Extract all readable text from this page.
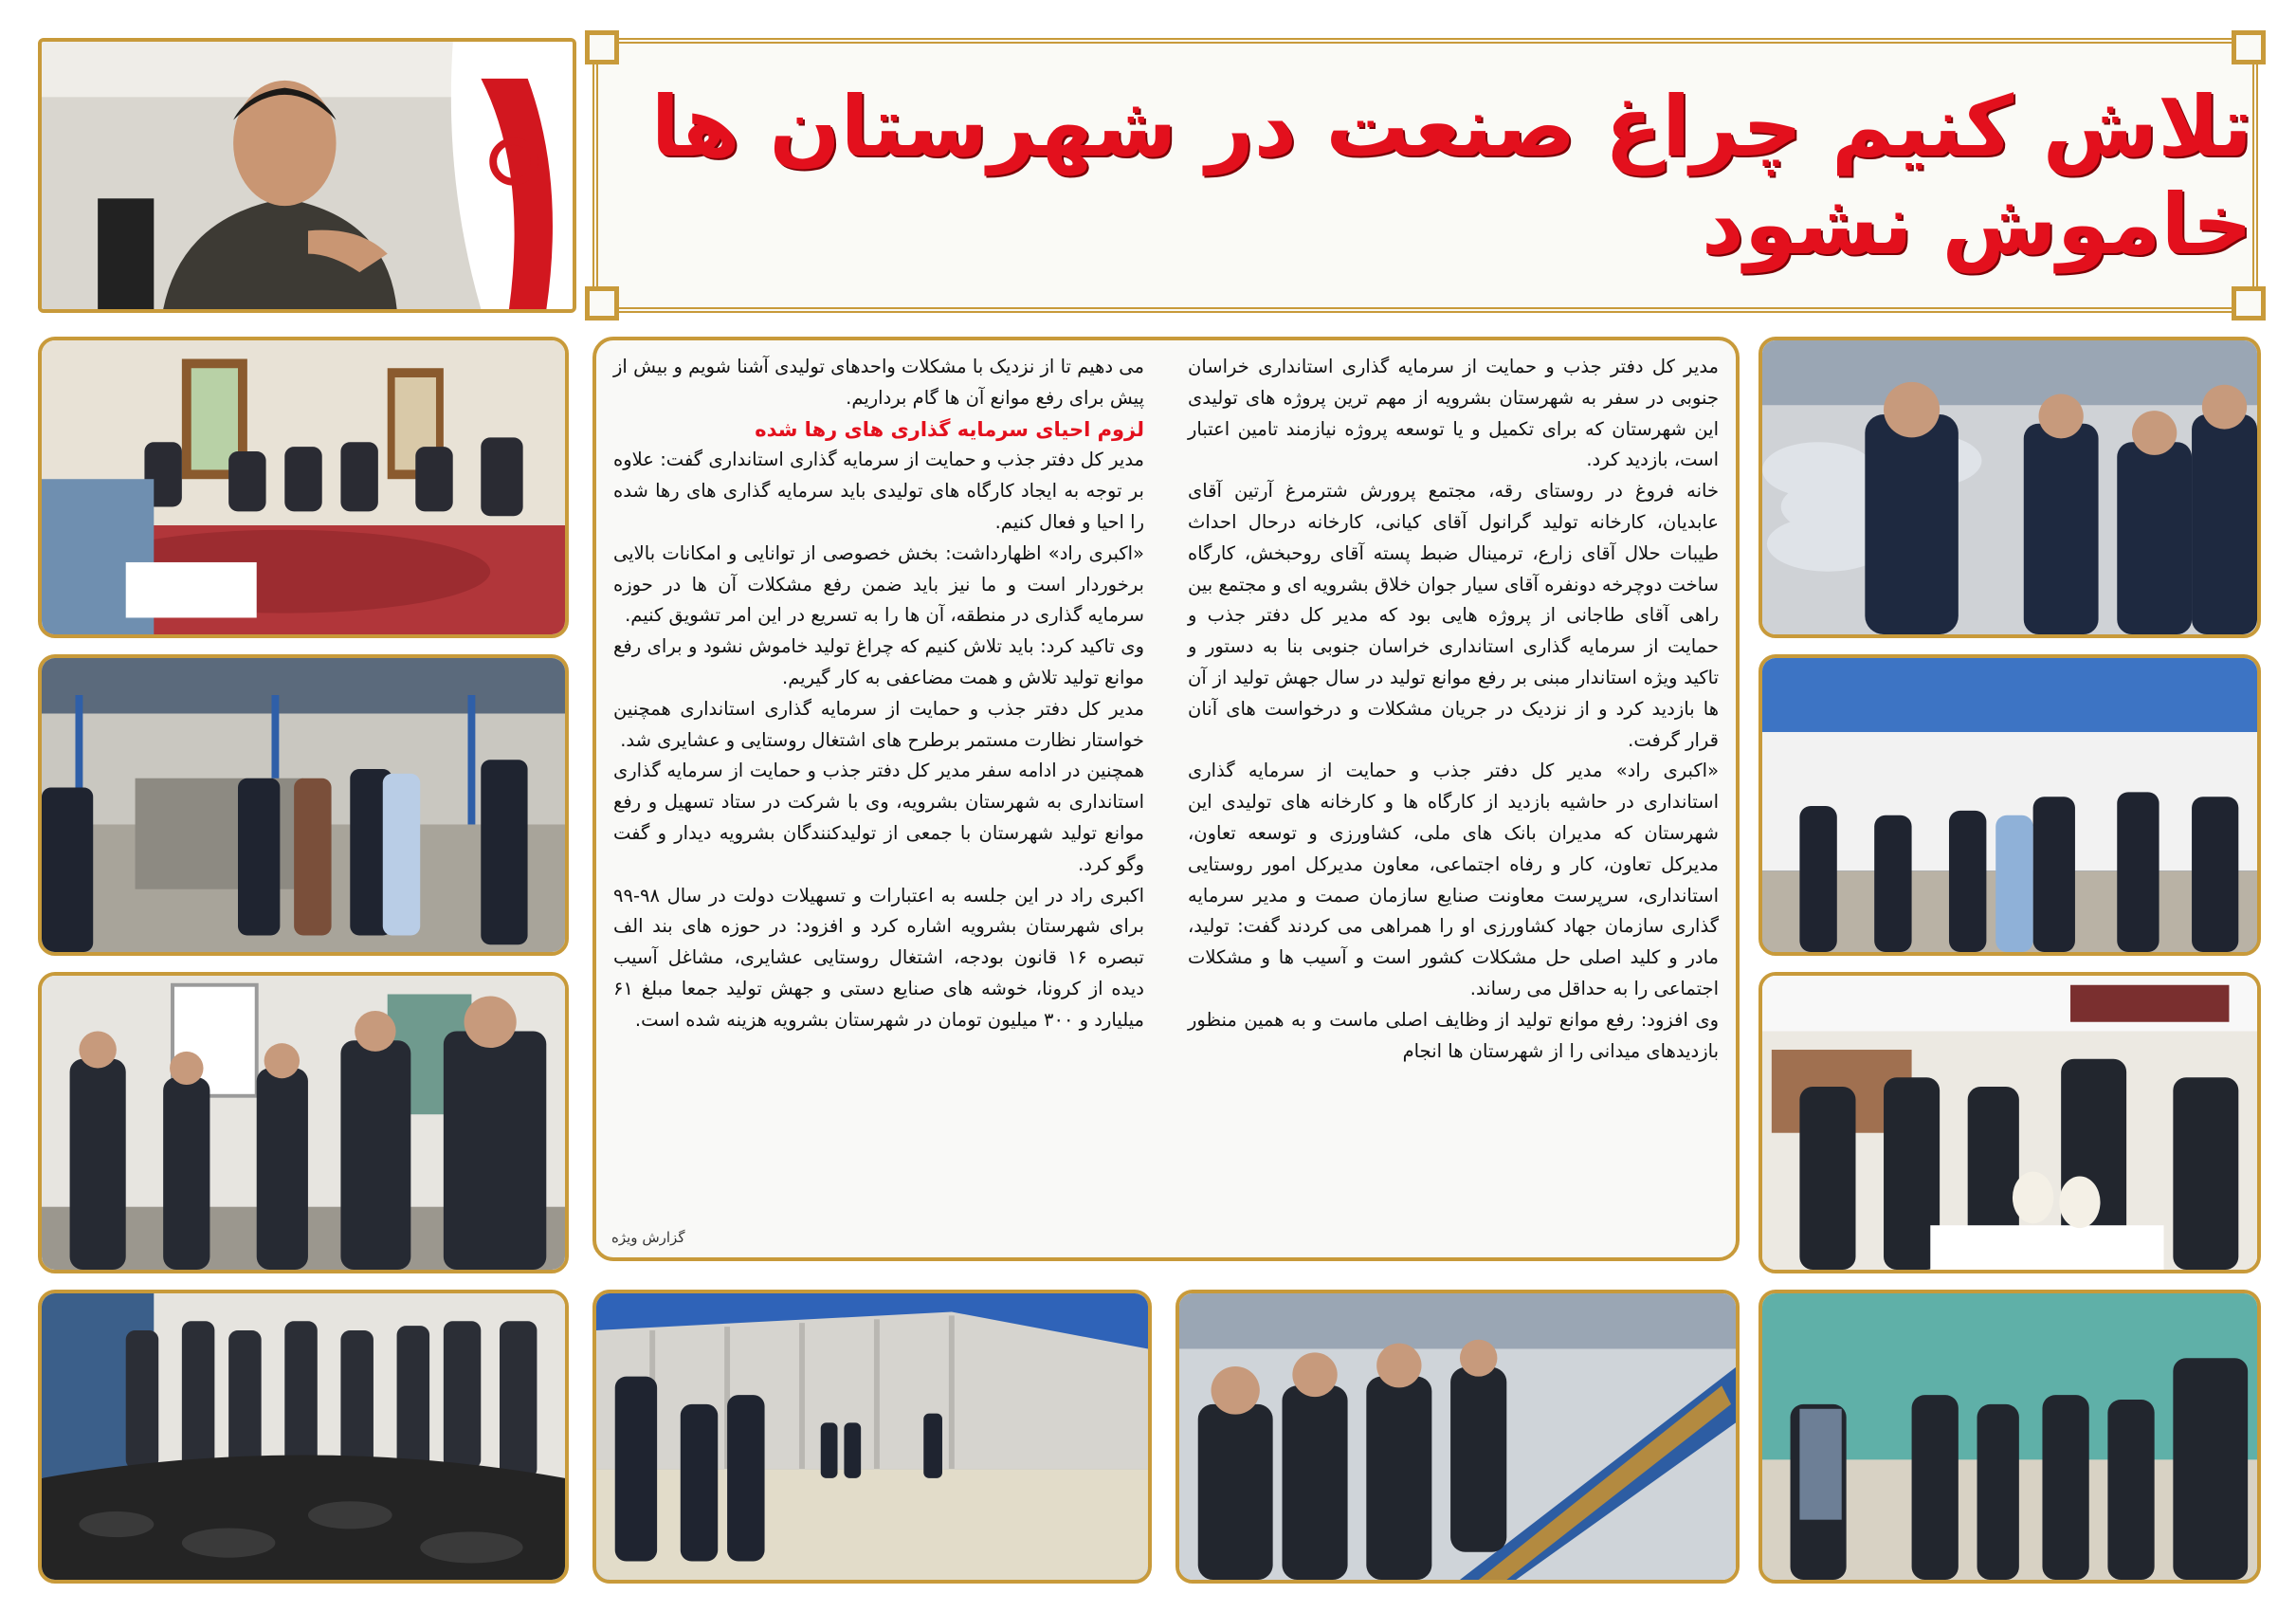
تلاش کنیم چراغ صنعت در شهرستان ها خاموش نشود

مدیر کل دفتر جذب و حمایت از سرمایه گذاری استانداری خراسان جنوبی در سفر به شهرستان بشرویه از مهم ترین پروژه های تولیدی این شهرستان که برای تکمیل و یا توسعه پروژه نیازمند تامین اعتبار است، بازدید کرد.

خانه فروغ در روستای رقه، مجتمع پرورش شترمرغ آرتین آقای عابدیان، کارخانه تولید گرانول آقای کیانی، کارخانه درحال احداث طیبات حلال آقای زارع، ترمینال ضبط پسته آقای روحبخش، کارگاه ساخت دوچرخه دونفره آقای سیار جوان خلاق بشرویه ای و مجتمع بین راهی آقای طاجانی از پروژه هایی بود که مدیر کل دفتر جذب و حمایت از سرمایه گذاری استانداری خراسان جنوبی بنا به دستور و تاکید ویژه استاندار مبنی بر رفع موانع تولید در سال جهش تولید از آن ها بازدید کرد و از نزدیک در جریان مشکلات و درخواست های آنان قرار گرفت.

«اکبری راد» مدیر کل دفتر جذب و حمایت از سرمایه گذاری استانداری در حاشیه بازدید از کارگاه ها و کارخانه های تولیدی این شهرستان که مدیران بانک های ملی، کشاورزی و توسعه تعاون، مدیرکل تعاون، کار و رفاه اجتماعی، معاون مدیرکل امور روستایی استانداری، سرپرست معاونت صنایع سازمان صمت و مدیر سرمایه گذاری سازمان جهاد کشاورزی او را همراهی می کردند گفت: تولید، مادر و کلید اصلی حل مشکلات کشور است و آسیب ها و مشکلات اجتماعی را به حداقل می رساند.

وی افزود: رفع موانع تولید از وظایف اصلی ماست و به همین منظور بازدیدهای میدانی را از شهرستان ها انجام

می دهیم تا از نزدیک با مشکلات واحدهای تولیدی آشنا شویم و بیش از پیش برای رفع موانع آن ها گام برداریم.

لزوم احیای سرمایه گذاری های رها شده

مدیر کل دفتر جذب و حمایت از سرمایه گذاری استانداری گفت: علاوه بر توجه به ایجاد کارگاه های تولیدی باید سرمایه گذاری های رها شده را احیا و فعال کنیم.

«اکبری راد» اظهارداشت: بخش خصوصی از توانایی و امکانات بالایی برخوردار است و ما نیز باید ضمن رفع مشکلات آن ها در حوزه سرمایه گذاری در منطقه، آن ها را به تسریع در این امر تشویق کنیم.

وی تاکید کرد: باید تلاش کنیم که چراغ تولید خاموش نشود و برای رفع موانع تولید تلاش و همت مضاعفی به کار گیریم.

مدیر کل دفتر جذب و حمایت از سرمایه گذاری استانداری همچنین خواستار نظارت مستمر برطرح های اشتغال روستایی و عشایری شد.

همچنین در ادامه سفر مدیر کل دفتر جذب و حمایت از سرمایه گذاری استانداری به شهرستان بشرویه، وی با شرکت در ستاد تسهیل و رفع موانع تولید شهرستان با جمعی از تولیدکنندگان بشرویه دیدار و گفت وگو کرد.

اکبری راد در این جلسه به اعتبارات و تسهیلات دولت در سال ۹۸-۹۹ برای شهرستان بشرویه اشاره کرد و افزود: در حوزه های بند الف تبصره ۱۶ قانون بودجه، اشتغال روستایی عشایری، مشاغل آسیب دیده از کرونا، خوشه های صنایع دستی و جهش تولید جمعا مبلغ ۶۱ میلیارد و ۳۰۰ میلیون تومان در شهرستان بشرویه هزینه شده است.

گزارش ویژه
